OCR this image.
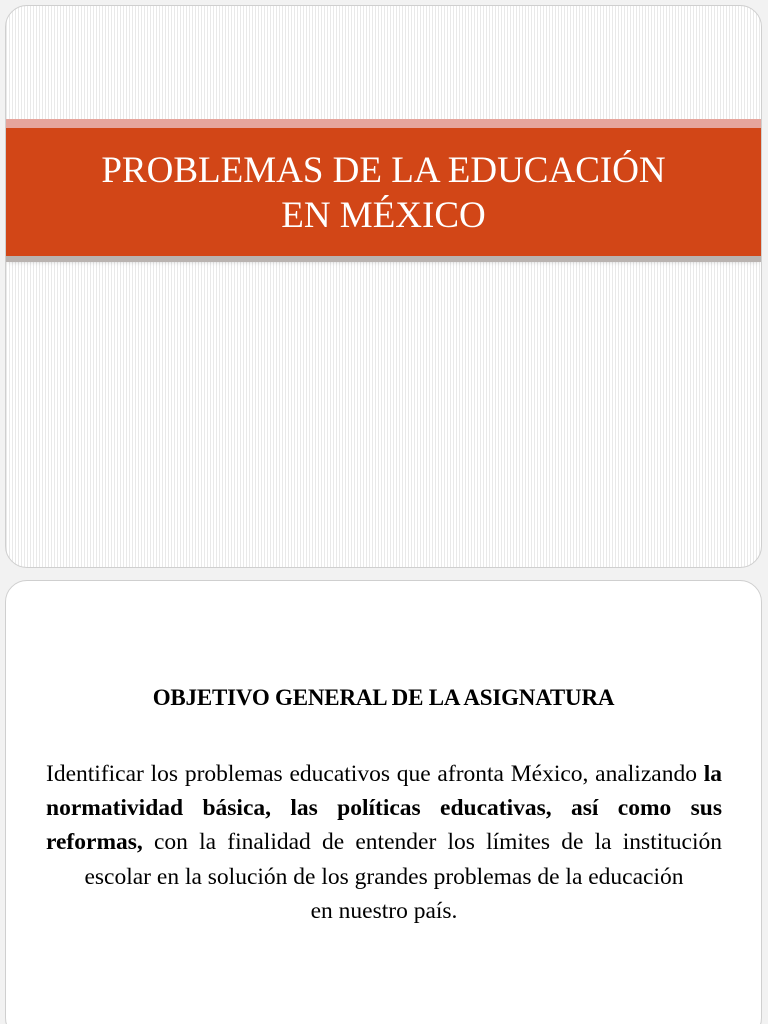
PROBLEMAS DE LA EDUCACIÓN
EN MÉXICO
OBJETIVO GENERAL DE LA ASIGNATURA
Identificar los problemas educativos que afronta México, analizando la normatividad básica, las políticas educativas, así como sus reformas, con la finalidad de entender los límites de la institución escolar en la solución de los grandes problemas de la educación
en nuestro país.
